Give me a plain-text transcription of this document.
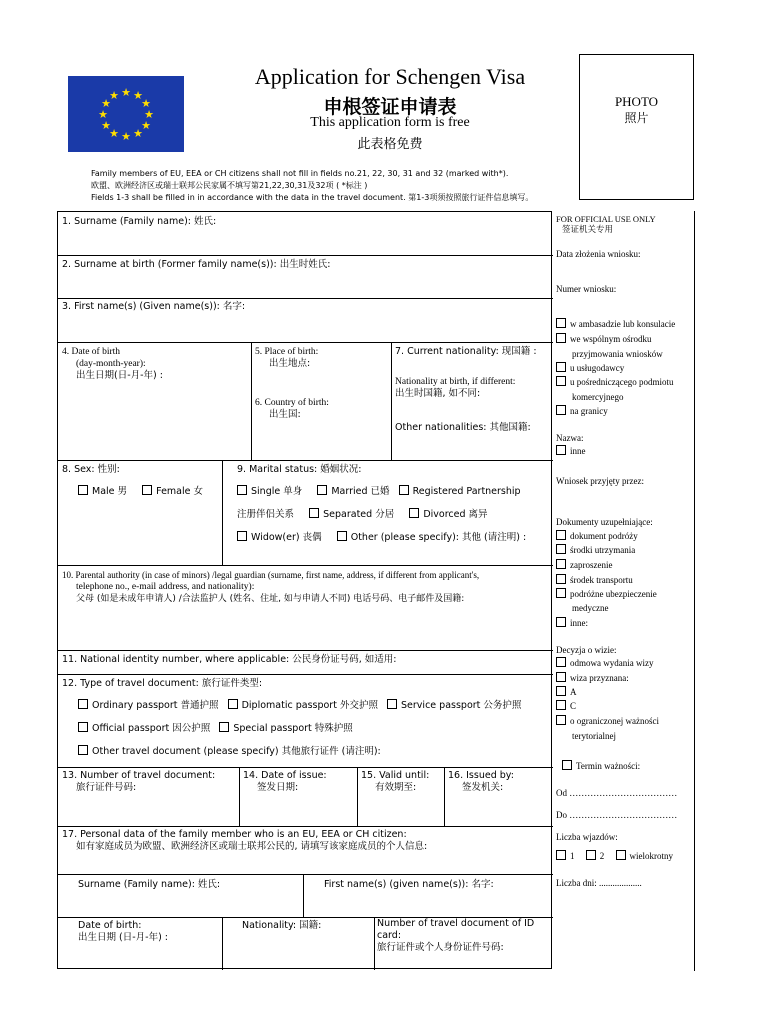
★ ★
★
★
★
★
★
★
★
★
★
★
Application for Schengen Visa
申根签证申请表
This application form is free
此表格免费
PHOTO
照片
Family members of EU, EEA or CH citizens shall not fill in fields no.21, 22, 30, 31 and 32 (marked with*).
欧盟、欧洲经济区或瑞士联邦公民家属不填写第21,22,30,31及32项 ( *标注 )
Fields 1-3 shall be filled in in accordance with the data in the travel document. 第1-3项须按照旅行证件信息填写。
1. Surname (Family name): 姓氏:
2. Surname at birth (Former family name(s)): 出生时姓氏:
3. First name(s) (Given name(s)): 名字:
4. Date of birth
(day-month-year):
出生日期(日-月-年) :
5. Place of birth:
出生地点:
6. Country of birth:
出生国:
7. Current nationality: 现国籍 :
Nationality at birth, if different:
出生时国籍, 如不同:
Other nationalities: 其他国籍:
8. Sex: 性别:
Male 男	Female 女
9. Marital status: 婚姻状况:
Single 单身	Married 已婚 Registered Partnership
注册伴侣关系	Separated 分居	Divorced 离异
Widow(er) 丧偶	Other (please specify): 其他 (请注明) :
10. Parental authority (in case of minors) /legal guardian (surname, first name, address, if different from applicant's,
telephone no., e-mail address, and nationality):
父母 (如是未成年申请人) /合法监护人 (姓名、住址, 如与申请人不同) 电话号码、电子邮件及国籍:
11. National identity number, where applicable: 公民身份证号码, 如适用:
12. Type of travel document: 旅行证件类型:
Ordinary passport 普通护照 Diplomatic passport 外交护照 Service passport 公务护照
Official passport 因公护照 Special passport 特殊护照
Other travel document (please specify) 其他旅行证件 (请注明):
13. Number of travel document:
旅行证件号码:
14. Date of issue:
签发日期:
15. Valid until:
有效期至:
16. Issued by:
签发机关:
17. Personal data of the family member who is an EU, EEA or CH citizen:
如有家庭成员为欧盟、欧洲经济区或瑞士联邦公民的, 请填写该家庭成员的个人信息:
Surname (Family name): 姓氏:	First name(s) (given name(s)): 名字:
Date of birth:
出生日期 (日-月-年) :
Nationality: 国籍:	Number of travel document of ID card:
旅行证件或个人身份证件号码:
FOR OFFICIAL USE ONLY
签证机关专用
Data złożenia wniosku:
Numer wniosku:
w ambasadzie lub konsulacie
we wspólnym ośrodku
przyjmowania wniosków
u usługodawcy
u pośredniczącego podmiotu
komercyjnego
na granicy
Nazwa:
inne
Wniosek przyjęty przez:
Dokumenty uzupełniające:
dokument podróży
środki utrzymania
zaproszenie
środek transportu
podróżne ubezpieczenie
medyczne
inne:
Decyzja o wizie:
odmowa wydania wizy
wiza przyznana:
A
C
o ograniczonej ważności
terytorialnej
Termin ważności:
Od ………………………………
Do ………………………………
Liczba wjazdów:
1	2	wielokrotny
Liczba dni: ...................
